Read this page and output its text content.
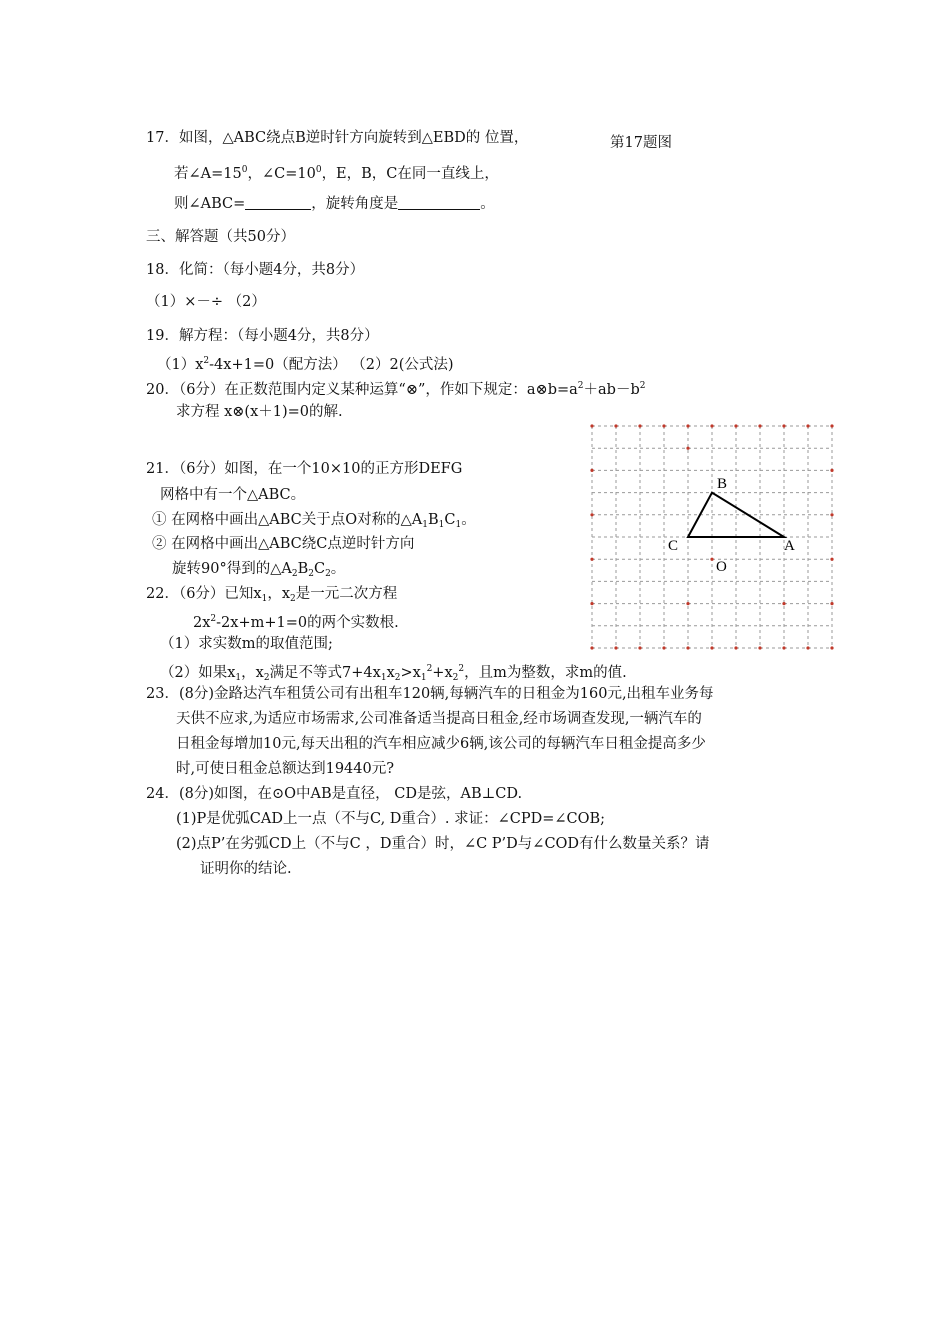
17．如图，△ABC绕点B逆时针方向旋转到△EBD的 位置，	第17题图
若$\angle A=15^0$，$\angle C=10^0$，E，B，C在同一直线上，
则∠ABC=	，旋转角度是	。
三、解答题（共50分）
18．化简：（每小题4分，共8分）
（1）×－÷ （2）
19．解方程：（每小题4分，共8分）
$(1)x^2-4x+1=0$（配方法） （2）2(公式法)
20．（6分）在正数范围内定义某种运算“⊗”，作如下规定：$a\otimes b=a^2+ab-b^2$
求方程 x⊗(x＋1)=0的解.
21．（6分）如图，在一个10×10的正方形DEFG
网格中有一个△ABC。
① 在网格中画出△ABC关于点O对称的$\triangle A_1B_1C_1$。
② 在网格中画出△ABC绕C点逆时针方向
旋转90°得到的$\triangle A_2B_2C_2$。
B
C	A
O
22．（6分）已知$x_1$，$x_2$是一元二次方程
$2x^2-2x+m+1=0$的两个实数根.
（1）求实数m的取值范围;
（2）如果$x_1$，$x_2$满足不等式$7+4x_1x_2>x_1^2+x_2^2$，且m为整数，求m的值.
23．(8分)金路达汽车租赁公司有出租车120辆,每辆汽车的日租金为160元,出租车业务每
天供不应求,为适应市场需求,公司准备适当提高日租金,经市场调查发现,一辆汽车的
日租金每增加10元,每天出租的汽车相应减少6辆,该公司的每辆汽车日租金提高多少
时,可使日租金总额达到19440元?
24．(8分)如图，在⊙O中AB是直径， CD是弦，AB⊥CD.
(1)P是优弧CAD上一点（不与C, D重合）. 求证：∠CPD=∠COB;
(2)点P’在劣弧CD上（不与C ，D重合）时，∠C P’D与∠COD有什么数量关系？请
证明你的结论.
